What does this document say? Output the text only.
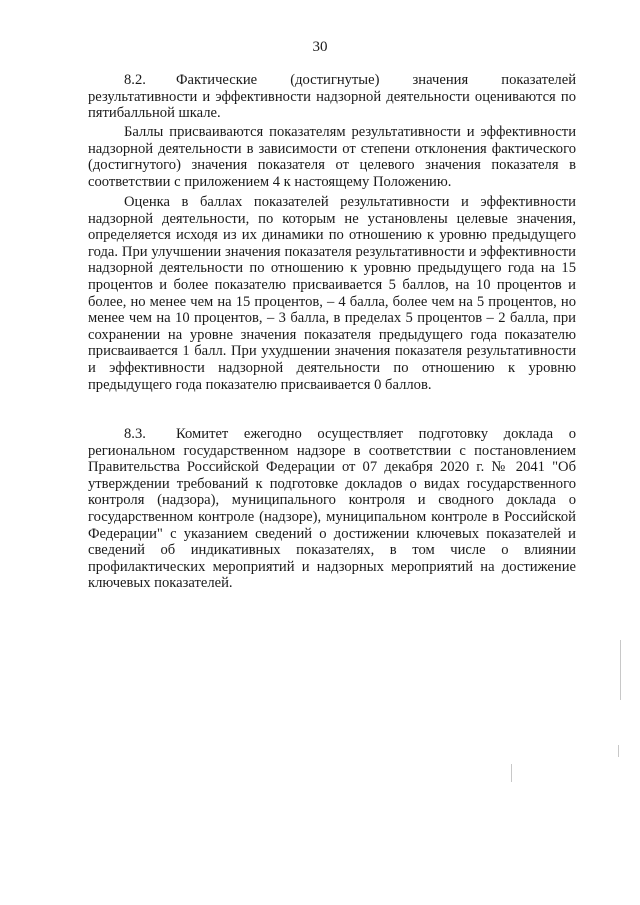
30

8.2. Фактические (достигнутые) значения показателей результативности и эффективности надзорной деятельности оцениваются по пятибалльной шкале.

Баллы присваиваются показателям результативности и эффективности надзорной деятельности в зависимости от степени отклонения фактического (достигнутого) значения показателя от целевого значения показателя в соответствии с приложением 4 к настоящему Положению.

Оценка в баллах показателей результативности и эффективности надзорной деятельности, по которым не установлены целевые значения, определяется исходя из их динамики по отношению к уровню предыдущего года. При улучшении значения показателя результативности и эффективности надзорной деятельности по отношению к уровню предыдущего года на 15 процентов и более показателю присваивается 5 баллов, на 10 процентов и более, но менее чем на 15 процентов, – 4 балла, более чем на 5 процентов, но менее чем на 10 процентов, – 3 балла, в пределах 5 процентов – 2 балла, при сохранении на уровне значения показателя предыдущего года показателю присваивается 1 балл. При ухудшении значения показателя результативности и эффективности надзорной деятельности по отношению к уровню предыдущего года показателю присваивается 0 баллов.

8.3. Комитет ежегодно осуществляет подготовку доклада о региональном государственном надзоре в соответствии с постановлением Правительства Российской Федерации от 07 декабря 2020 г. № 2041 "Об утверждении требований к подготовке докладов о видах государственного контроля (надзора), муниципального контроля и сводного доклада о государственном контроле (надзоре), муниципальном контроле в Российской Федерации" с указанием сведений о достижении ключевых показателей и сведений об индикативных показателях, в том числе о влиянии профилактических мероприятий и надзорных мероприятий на достижение ключевых показателей.
